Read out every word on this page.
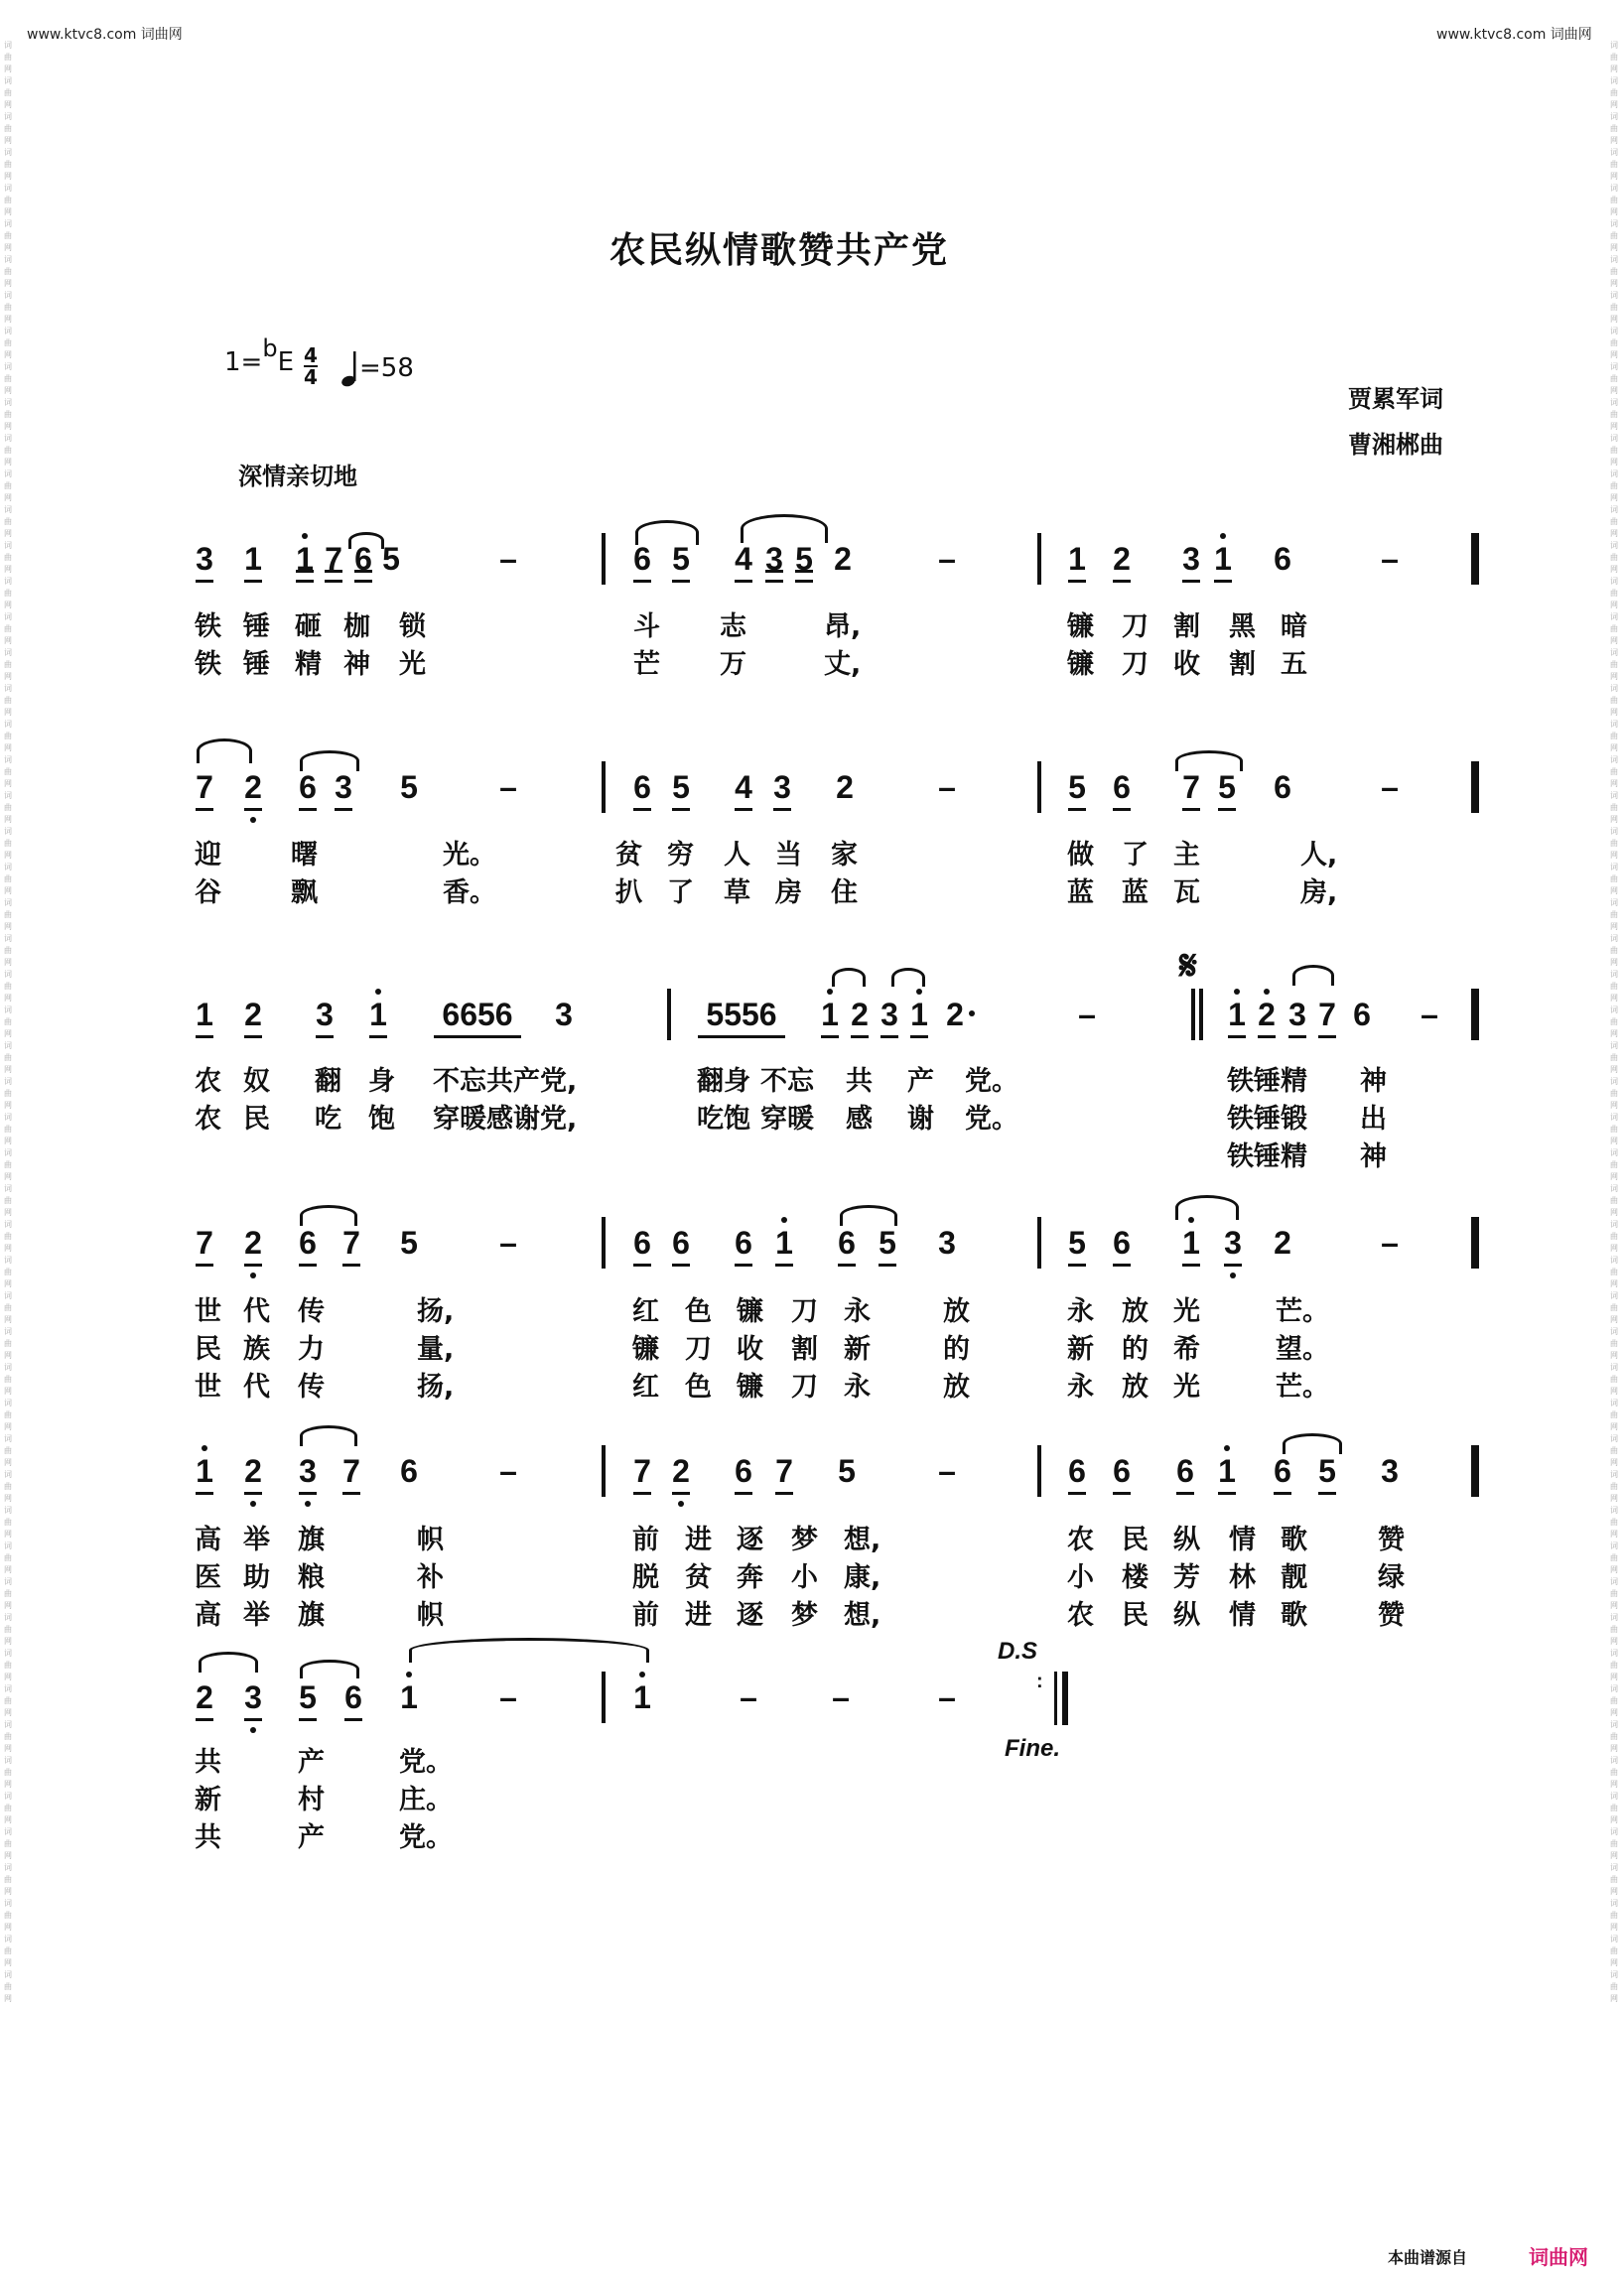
www.ktvc8.com 词曲网	www.ktvc8.com 词曲网
词曲网词曲网词曲网词曲网词曲网词曲网词曲网词曲网词曲网词曲网词曲网词曲网词曲网词曲网词曲网词曲网词曲网词曲网词曲网词曲网词曲网词曲网词曲网词曲网词曲网词曲网词曲网词曲网词曲网词曲网词曲网词曲网词曲网词曲网词曲网词曲网词曲网词曲网词曲网词曲网词曲网词曲网词曲网词曲网词曲网词曲网词曲网词曲网词曲网词曲网词曲网词曲网词曲网词曲网词曲网
词曲网词曲网词曲网词曲网词曲网词曲网词曲网词曲网词曲网词曲网词曲网词曲网词曲网词曲网词曲网词曲网词曲网词曲网词曲网词曲网词曲网词曲网词曲网词曲网词曲网词曲网词曲网词曲网词曲网词曲网词曲网词曲网词曲网词曲网词曲网词曲网词曲网词曲网词曲网词曲网词曲网词曲网词曲网词曲网词曲网词曲网词曲网词曲网词曲网词曲网词曲网词曲网词曲网词曲网词曲网
农民纵情歌赞共产党
$1=bE \frac{4}{4} =58$
深情亲切地
贾累军词
曹湘郴曲
3 1 1 7 6 5	–	6 5 4 3 5 2	–	1 2 3 1 6	–
7 2 6 3 5	–	6 5 4 3 2	–	5 6 7 5 6	–
1 2 3 1 6656 3	5556 1 2 3 1 2	–	1 2 3 7 6 –
7 2 6 7 5	–	6 6 6 1 6 5 3	5 6 1 3 2	–
1 2 3 7 6	–	7 2 6 7 5	–	6 6 6 1 6 5 3
2 3 5 6 1	–	1	– –	–	:
铁 锤 砸 枷 锁	斗 志	昂,	镰 刀 割 黑 暗
铁 锤 精 神 光	芒 万	丈,	镰 刀 收 割 五
迎	曙	光。	贫 穷 人 当 家	做 了 主	人,
谷	飘	香。	扒 了 草 房 住	蓝 蓝 瓦	房,
农 奴 翻 身 不忘共产党,	翻身 不忘 共 产 党。	铁锤精 神
农 民 吃 饱 穿暖感谢党,	吃饱 穿暖 感 谢 党。	铁锤锻 出
铁锤精 神
世 代 传	扬,	红 色 镰 刀 永	放	永 放 光	芒。
民 族 力	量,	镰 刀 收 割 新	的	新 的 希	望。
世 代 传	扬,	红 色 镰 刀 永	放	永 放 光	芒。
高 举 旗	帜	前 进 逐 梦 想,	农 民 纵 情 歌	赞
医 助 粮	补	脱 贫 奔 小 康,	小 楼 芳 林 靓	绿
高 举 旗	帜	前 进 逐 梦 想,	农 民 纵 情 歌	赞
共	产	党。
新	村	庄。
共	产	党。
𝄋
D.S
Fine.
本曲谱源自	词曲网
